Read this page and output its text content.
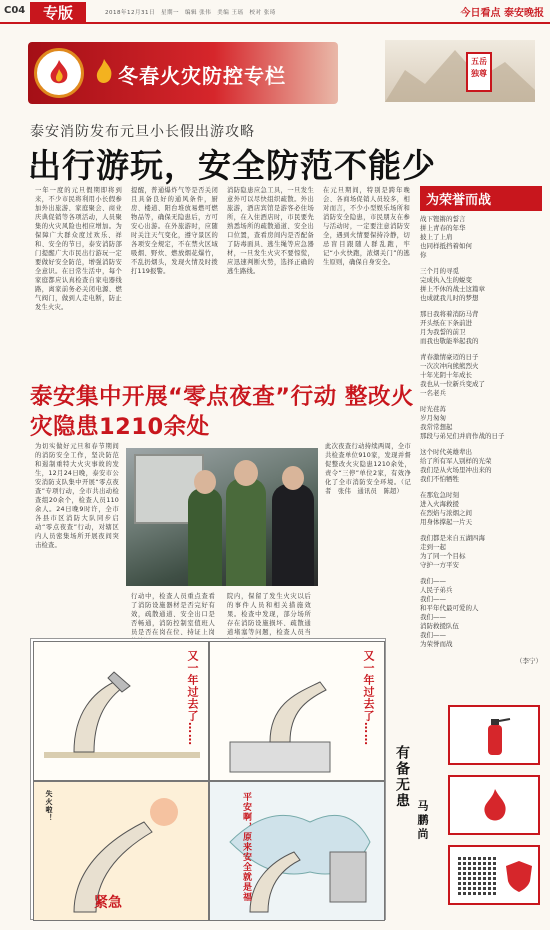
C04	专版	2018年12月31日　星期一　编辑 张伟　美编 王瑶　校对 张琦	今日看点 泰安晚报
冬春火灾防控专栏
五岳
独尊
泰安消防发布元旦小长假出游攻略
出行游玩，安全防范不能少
一年一度的元旦假期即将到来，不少市民将利用小长假参加外出旅游、家庭聚会、商业庆典促销等各项活动，人员聚集的火灾风险也相应增加。为保障广大群众度过欢乐、祥和、安全的节日，泰安消防部门提醒广大市民出行游玩一定要做好安全防范，增强消防安全意识。在日常生活中，每个家庭都应认真检查自家电器线路，离家前务必关闭电源、燃气阀门，做到人走电断，防止发生火灾。
提醒，普通爆炸气等是否关闭且具备良好的通风条件，厨房、楼道、阳台堆放易燃可燃物品等，确保无隐患后，方可安心出游。在外旅游时，应随时关注天气变化，遵守景区的各项安全规定，不在禁火区域吸烟、野炊、燃放烟花爆竹，不乱扔烟头，发现火情及时拨打119报警。
消防隐患应急工具，一旦发生意外可以尽快组织疏散。外出旅游，酒店宾馆是游客必住场所，在入住酒店时，市民要先熟悉场所的疏散通道、安全出口位置，查看房间内是否配备了防毒面具、逃生绳等应急器材，一旦发生火灾不要惊慌，应迅速判断火势，选择正确的逃生路线。
在元旦期间，特别是跨年晚会、各商场促销人员较多，相对而言，不少小型娱乐场所和消防安全隐患，市民朋友在参与活动时，一定要注意消防安全，遇到火情要保持冷静，切忌盲目跟随人群乱跑，牢记“小火快跑，浓烟关门”的逃生原则，确保自身安全。
为荣誉而战
战下铿锵的誓言
拼上青春的年华
披上了上肩
也同样抵挡着如何
你
三个月的寻觅
完成执入生的蜕变
拼上不休的战士这篇章
也成就我儿时的梦想
那日我将着消防马背
开头纸在下条前进
月为我誓的前卫
而我也敬能举起我的
青春激情豪迈的日子
一次次冲向熊熊烈火
十年光阴十年成长
我也从一位新兵变成了
一名老兵
时光荏苒
岁月匆匆
我常常想起
那段与弟兄们并肩作战的日子
这个时代英雄辈出
给了所有军人别样的光荣
我们是从火场里冲出来的
我们不怕牺牲
在那危急时刻
进入火海救援
在烈焰与浓烟之间
用身体撑起一片天
我们都是来自五湖四海
走到一起
为了同一个目标
守护一方平安
我们——
人民子弟兵
我们——
和平年代最可爱的人
我们——
消防救援队伍
我们——
为荣誉而战
（李宁）
泰安集中开展“零点夜查”行动 整改火灾隐患1210余处
为切实做好元旦和春节期间的消防安全工作，坚决防范和遏制重特大火灾事故的发生，12月24日晚，泰安市公安消防支队集中开展“零点夜查”专项行动，全市共出动检查组20余个，检查人员110余人。24日晚9时许，全市各县市区消防大队同步启动“零点夜查”行动，对辖区内人员密集场所开展夜间突击检查。
行动中，检查人员重点查看了消防设施器材是否完好有效，疏散通道、安全出口是否畅通，消防控制室值班人员是否在岗在位、持证上岗
院内，保留了发生火灾以后的事件人员和相关措施效果。检查中发现，部分场所存在消防设施损坏、疏散通道堵塞等问题，检查人员当
此次夜查行动持续两周，全市共检查单位910家，发现并督促整改火灾隐患1210余处，责令“三停”单位2家，有效净化了全市消防安全环境。（记者　张伟　通讯员　陈超）
又一年过去了……	又一年过去了……
失火啦！
紧急
平安啊，原来安全就是福
有备无患
马鹏尚
